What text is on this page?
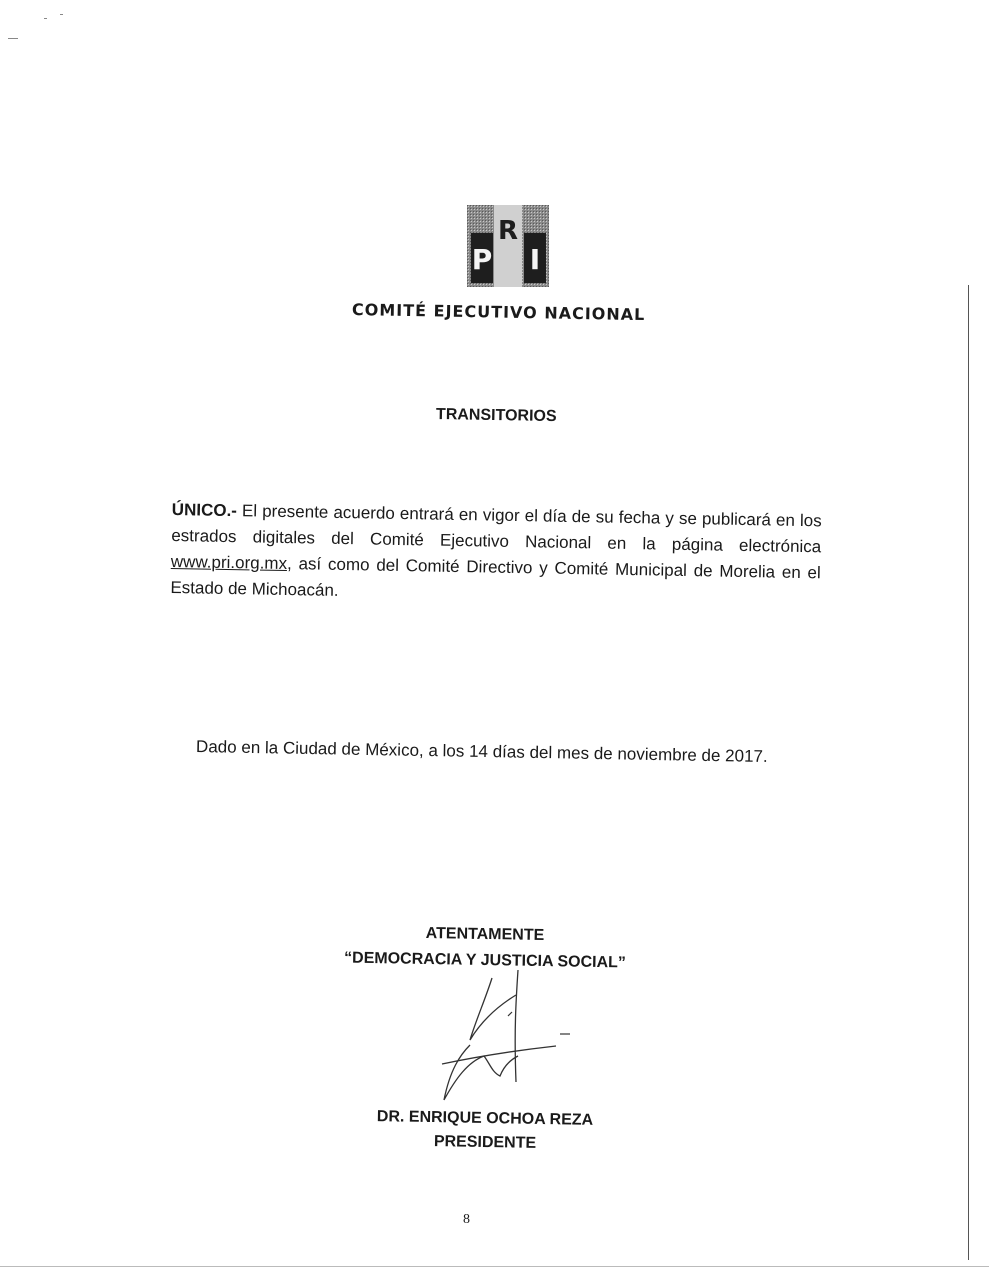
P
R
I
COMITÉ EJECUTIVO NACIONAL
TRANSITORIOS
ÚNICO.- El presente acuerdo entrará en vigor el día de su fecha y se publicará en los estrados digitales del Comité Ejecutivo Nacional en la página electrónica www.pri.org.mx, así como del Comité Directivo y Comité Municipal de Morelia en el Estado de Michoacán.
Dado en la Ciudad de México, a los 14 días del mes de noviembre de 2017.
ATENTAMENTE
“DEMOCRACIA Y JUSTICIA SOCIAL”
DR. ENRIQUE OCHOA REZA
PRESIDENTE
8
